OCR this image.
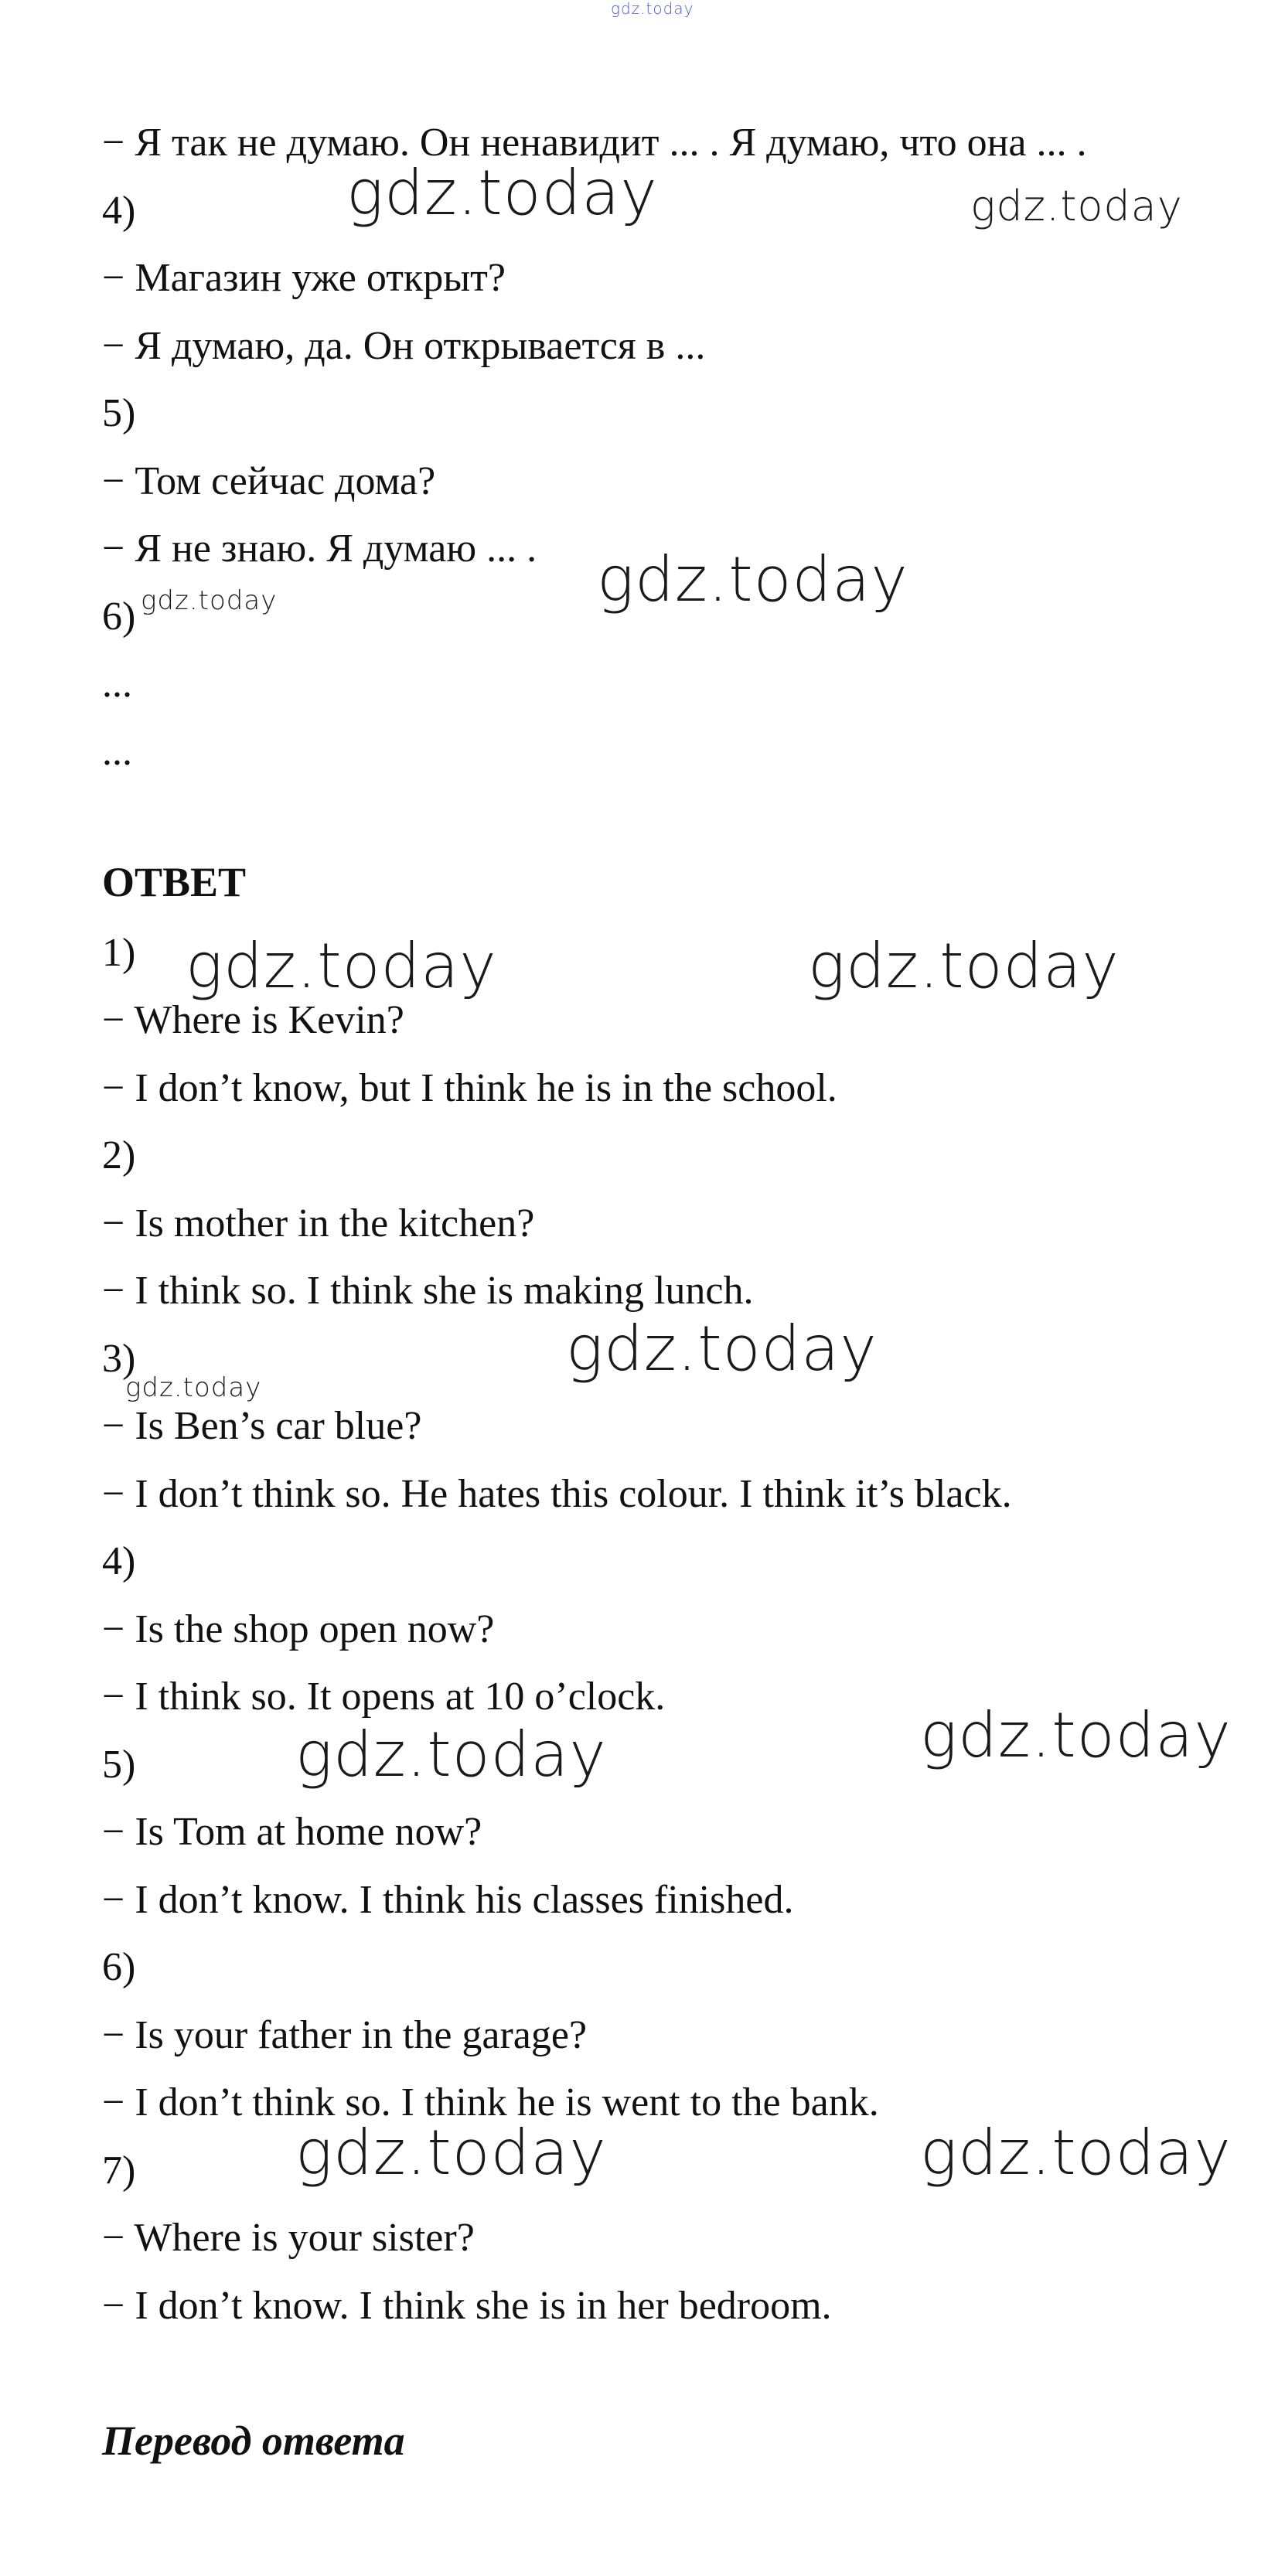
gdz.today
− Я так не думаю. Он ненавидит ... . Я думаю, что она ... .
4)
− Магазин уже открыт?
− Я думаю, да. Он открывается в ...
5)
− Том сейчас дома?
− Я не знаю. Я думаю ... .
6)
...
...
ОТВЕТ
1)
− Where is Kevin?
− I don’t know, but I think he is in the school.
2)
− Is mother in the kitchen?
− I think so. I think she is making lunch.
3)
− Is Ben’s car blue?
− I don’t think so. He hates this colour. I think it’s black.
4)
− Is the shop open now?
− I think so. It opens at 10 o’clock.
5)
− Is Tom at home now?
− I don’t know. I think his classes finished.
6)
− Is your father in the garage?
− I don’t think so. I think he is went to the bank.
7)
− Where is your sister?
− I don’t know. I think she is in her bedroom.
Перевод ответа
gdz.today	gdz.today
gdz.today
gdz.today
gdz.today	gdz.today
gdz.today
gdz.today
gdz.today
gdz.today
gdz.today	gdz.today
